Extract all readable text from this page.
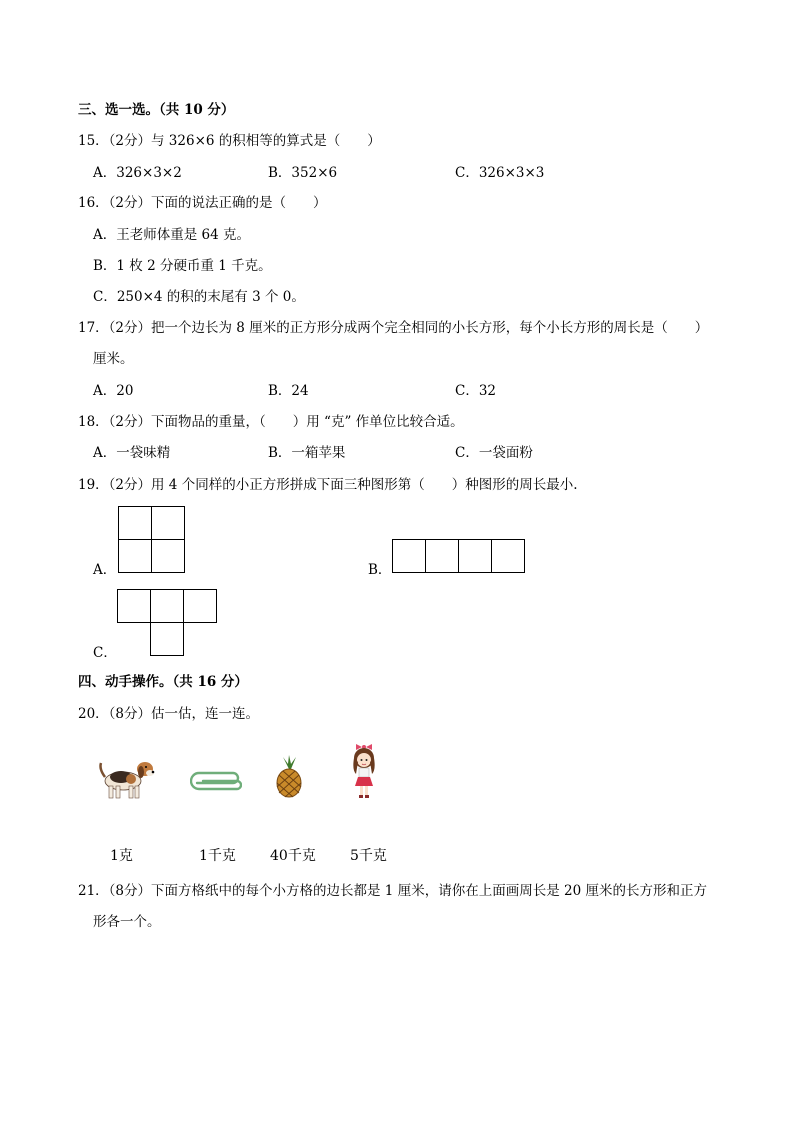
三、选一选。（共 10 分）
15．（2分）与 326×6 的积相等的算式是（　　）
A．326×3×2	B．352×6	C．326×3×3
16．（2分）下面的说法正确的是（　　）
A．王老师体重是 64 克。
B．1 枚 2 分硬币重 1 千克。
C．250×4 的积的末尾有 3 个 0。
17．（2分）把一个边长为 8 厘米的正方形分成两个完全相同的小长方形，每个小长方形的周长是（　　）
厘米。
A．20	B．24	C．32
18．（2分）下面物品的重量，（　　）用 “克” 作单位比较合适。
A．一袋味精	B．一箱苹果	C．一袋面粉
19．（2分）用 4 个同样的小正方形拼成下面三种图形第（　　）种图形的周长最小.
A．	B．
C．
四、动手操作。（共 16 分）
20．（8分）估一估，连一连。
1克	1千克 40千克 5千克
21．（8分）下面方格纸中的每个小方格的边长都是 1 厘米，请你在上面画周长是 20 厘米的长方形和正方
形各一个。
